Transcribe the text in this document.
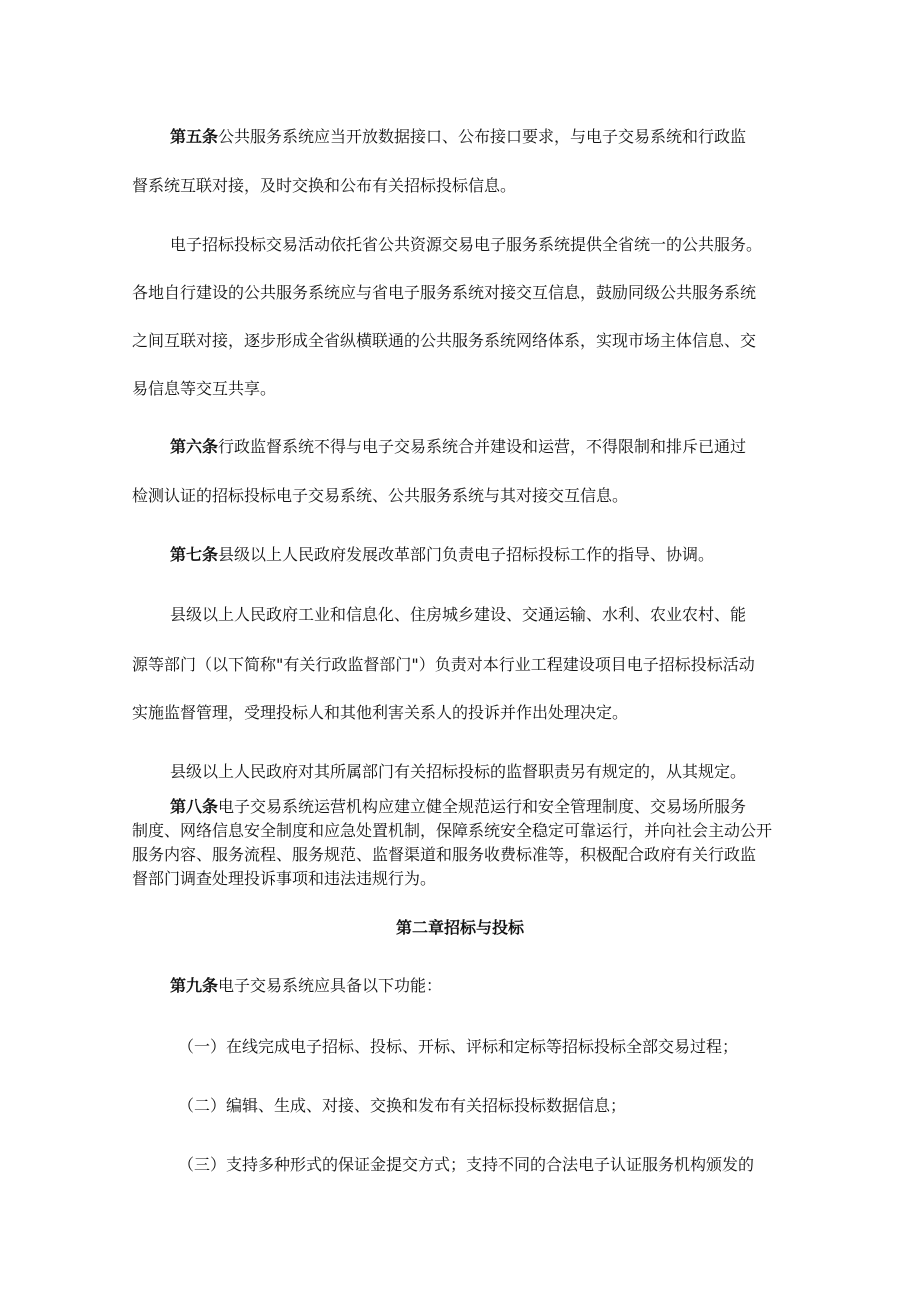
第五条公共服务系统应当开放数据接口、公布接口要求，与电子交易系统和行政监
督系统互联对接，及时交换和公布有关招标投标信息。
电子招标投标交易活动依托省公共资源交易电子服务系统提供全省统一的公共服务。
各地自行建设的公共服务系统应与省电子服务系统对接交互信息，鼓励同级公共服务系统
之间互联对接，逐步形成全省纵横联通的公共服务系统网络体系，实现市场主体信息、交
易信息等交互共享。
第六条行政监督系统不得与电子交易系统合并建设和运营，不得限制和排斥已通过
检测认证的招标投标电子交易系统、公共服务系统与其对接交互信息。
第七条县级以上人民政府发展改革部门负责电子招标投标工作的指导、协调。
县级以上人民政府工业和信息化、住房城乡建设、交通运输、水利、农业农村、能
源等部门（以下简称"有关行政监督部门"）负责对本行业工程建设项目电子招标投标活动
实施监督管理，受理投标人和其他利害关系人的投诉并作出处理决定。
县级以上人民政府对其所属部门有关招标投标的监督职责另有规定的，从其规定。
第八条电子交易系统运营机构应建立健全规范运行和安全管理制度、交易场所服务
制度、网络信息安全制度和应急处置机制，保障系统安全稳定可靠运行，并向社会主动公开
服务内容、服务流程、服务规范、监督渠道和服务收费标准等，积极配合政府有关行政监
督部门调查处理投诉事项和违法违规行为。
第二章招标与投标
第九条电子交易系统应具备以下功能：
（一）在线完成电子招标、投标、开标、评标和定标等招标投标全部交易过程；
（二）编辑、生成、对接、交换和发布有关招标投标数据信息；
（三）支持多种形式的保证金提交方式；支持不同的合法电子认证服务机构颁发的
